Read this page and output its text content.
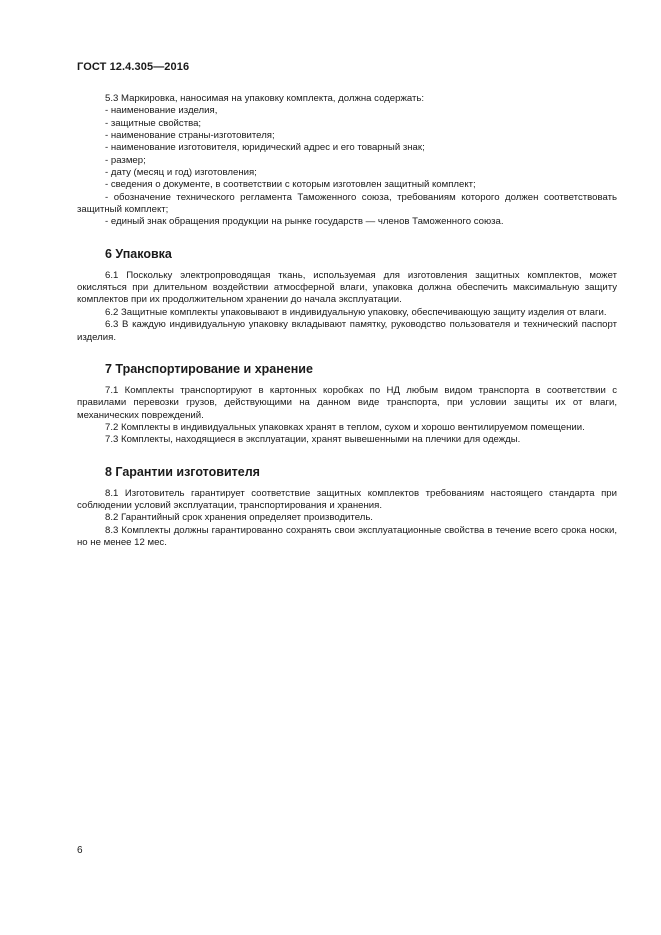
ГОСТ 12.4.305—2016

5.3 Маркировка, наносимая на упаковку комплекта, должна содержать:

- наименование изделия,

- защитные свойства;

- наименование страны-изготовителя;

- наименование изготовителя, юридический адрес и его товарный знак;

- размер;

- дату (месяц и год) изготовления;

- сведения о документе, в соответствии с которым изготовлен защитный комплект;

- обозначение технического регламента Таможенного союза, требованиям которого должен соответствовать защитный комплект;

- единый знак обращения продукции на рынке государств — членов Таможенного союза.

6 Упаковка

6.1 Поскольку электропроводящая ткань, используемая для изготовления защитных комплектов, может окисляться при длительном воздействии атмосферной влаги, упаковка должна обеспечить максимальную защиту комплектов при их продолжительном хранении до начала эксплуатации.

6.2 Защитные комплекты упаковывают в индивидуальную упаковку, обеспечивающую защиту изделия от влаги.

6.3 В каждую индивидуальную упаковку вкладывают памятку, руководство пользователя и технический паспорт изделия.

7 Транспортирование и хранение

7.1 Комплекты транспортируют в картонных коробках по НД любым видом транспорта в соответствии с правилами перевозки грузов, действующими на данном виде транспорта, при условии защиты их от влаги, механических повреждений.

7.2 Комплекты в индивидуальных упаковках хранят в теплом, сухом и хорошо вентилируемом помещении.

7.3 Комплекты, находящиеся в эксплуатации, хранят вывешенными на плечики для одежды.

8 Гарантии изготовителя

8.1 Изготовитель гарантирует соответствие защитных комплектов требованиям настоящего стандарта при соблюдении условий эксплуатации, транспортирования и хранения.

8.2 Гарантийный срок хранения определяет производитель.

8.3 Комплекты должны гарантированно сохранять свои эксплуатационные свойства в течение всего срока носки, но не менее 12 мес.

6
